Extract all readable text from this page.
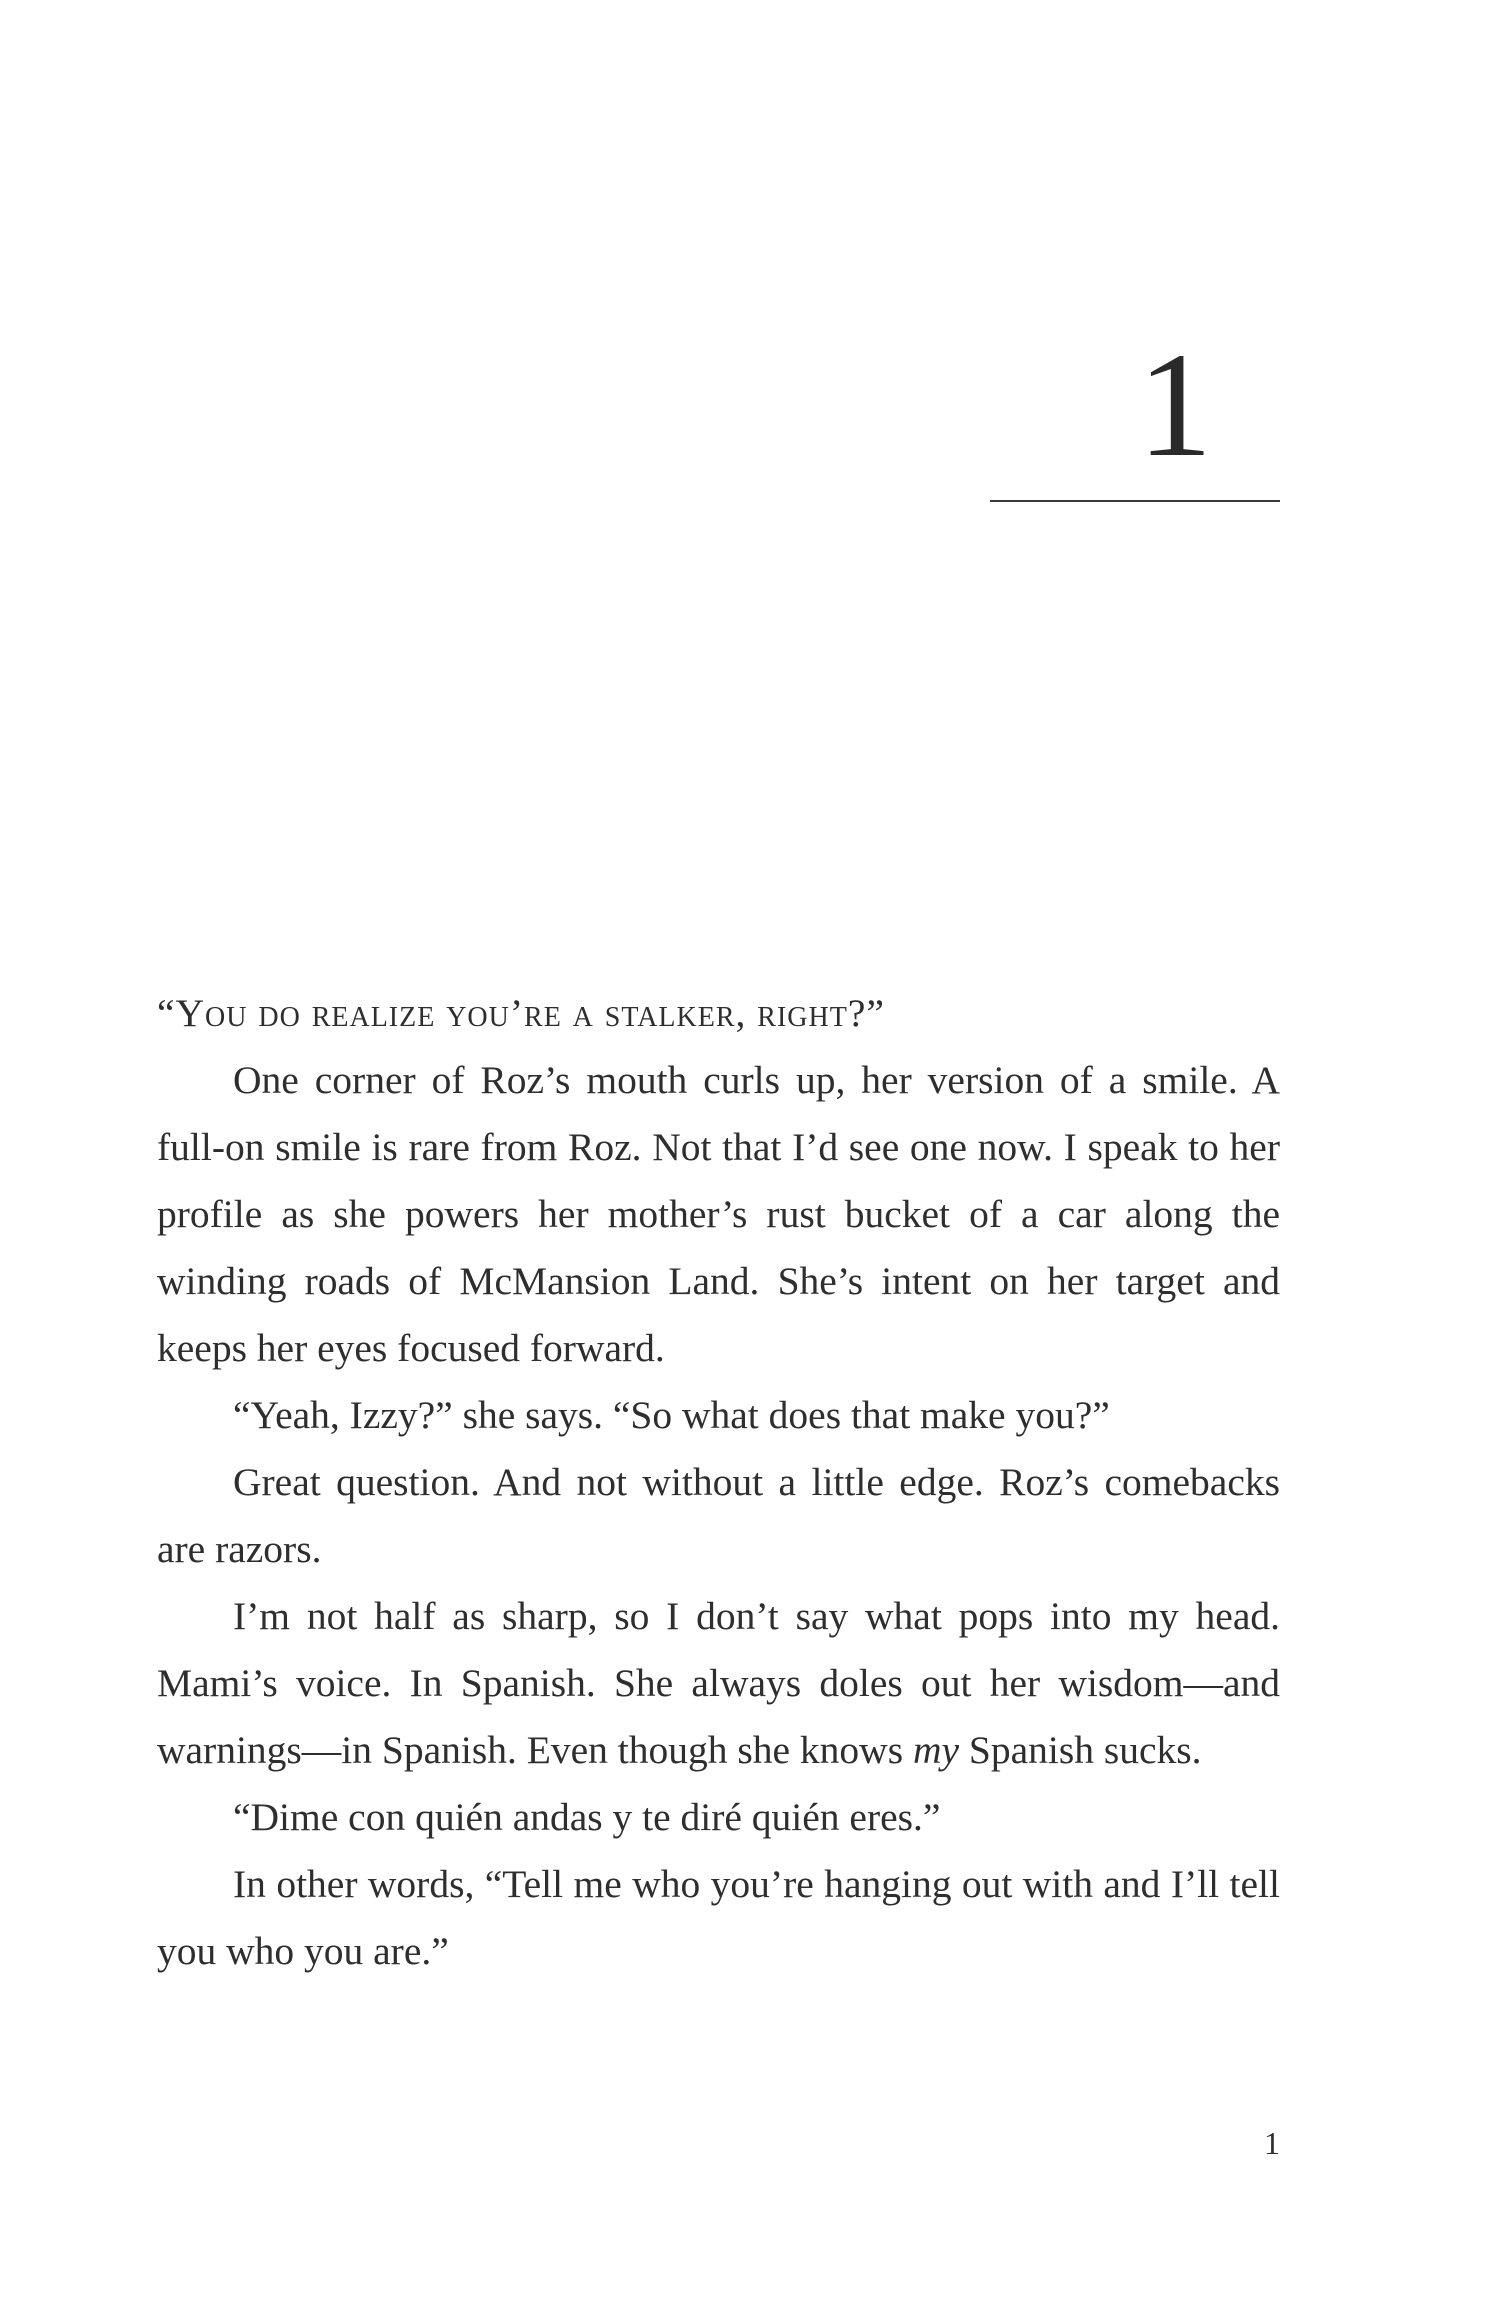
1

“You do realize you’re a stalker, right?”

One corner of Roz’s mouth curls up, her version of a smile. A full-on smile is rare from Roz. Not that I’d see one now. I speak to her profile as she powers her mother’s rust bucket of a car along the winding roads of McMansion Land. She’s intent on her target and keeps her eyes focused forward.

“Yeah, Izzy?” she says. “So what does that make you?”

Great question. And not without a little edge. Roz’s comebacks are razors.

I’m not half as sharp, so I don’t say what pops into my head. Mami’s voice. In Spanish. She always doles out her wisdom—and warnings—in Spanish. Even though she knows my Spanish sucks.

“Dime con quién andas y te diré quién eres.”

In other words, “Tell me who you’re hanging out with and I’ll tell you who you are.”

1
